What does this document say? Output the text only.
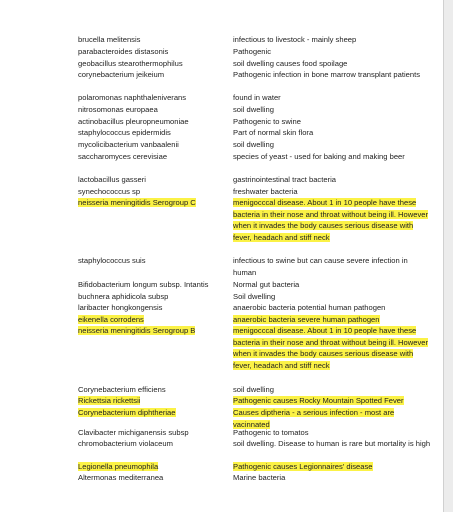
brucella melitensis	infectious to livestock - mainly sheep
parabacteroides distasonis	Pathogenic
geobacillus stearothermophilus	soil dwelling causes food spoilage
corynebacterium jeikeium	Pathogenic infection in bone marrow transplant patients
polaromonas naphthaleniverans	found in water
nitrosomonas europaea	soil dwelling
actinobacillus pleuropneumoniae	Pathogenic to swine
staphylococcus epidermidis	Part of normal skin flora
mycolicibacterium vanbaalenii	soil dwelling
saccharomyces cerevisiae	species of yeast - used for baking and making beer
lactobacillus gasseri	gastrinointestinal tract bacteria
synechococcus sp	freshwater bacteria
neisseria meningitidis Serogroup C	menigocccal disease. About 1 in 10 people have these bacteria in their nose and throat without being ill. However when it invades the body causes serious disease with fever, headach and stiff neck
staphylococcus suis	infectious to swine but can cause severe infection in human
Bifidobacterium longum subsp. Intantis	Normal gut bacteria
buchnera aphidicola subsp	Soil dwelling
laribacter hongkongensis	anaerobic bacteria potential human pathogen
eikenella corrodens	anaerobic bacteria severe human pathogen
neisseria meningitidis Serogroup B	menigocccal disease. About 1 in 10 people have these bacteria in their nose and throat without being ill. However when it invades the body causes serious disease with fever, headach and stiff neck
Corynebacterium efficiens	soil dwelling
Rickettsia rickettsii	Pathogenic causes Rocky Mountain Spotted Fever
Corynebacterium diphtheriae	Causes diptheria - a serious infection - most are vacinnated
Clavibacter michiganensis subsp	Pathogenic to tomatos
chromobacterium violaceum	soil dwelling. Disease to human is rare but mortality is high
Legionella pneumophila	Pathogenic causes Legionnaires' disease
Altermonas mediterranea	Marine bacteria
